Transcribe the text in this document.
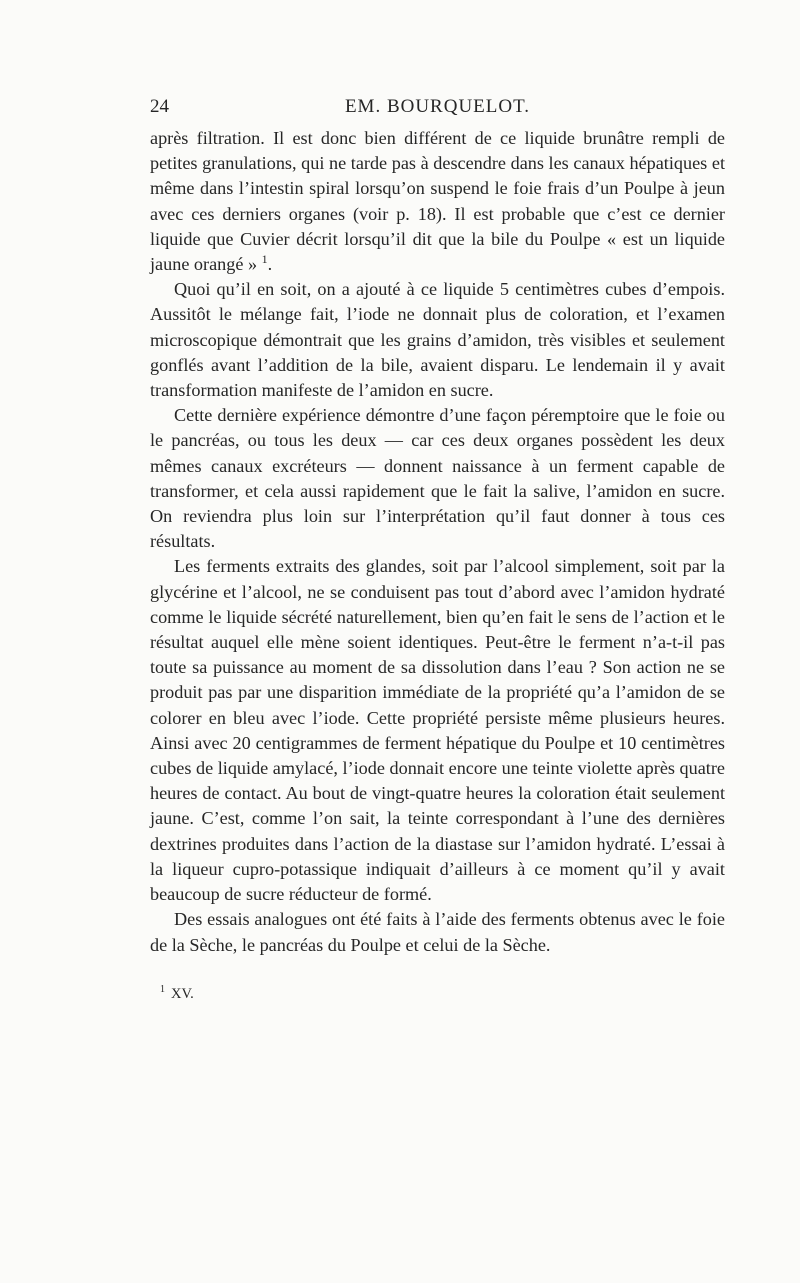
24	EM. BOURQUELOT.

après filtration. Il est donc bien différent de ce liquide brunâtre rempli de petites granulations, qui ne tarde pas à descendre dans les canaux hépatiques et même dans l’intestin spiral lorsqu’on suspend le foie frais d’un Poulpe à jeun avec ces derniers organes (voir p. 18). Il est probable que c’est ce dernier liquide que Cuvier décrit lorsqu’il dit que la bile du Poulpe « est un liquide jaune orangé » $^1$.

Quoi qu’il en soit, on a ajouté à ce liquide 5 centimètres cubes d’empois. Aussitôt le mélange fait, l’iode ne donnait plus de coloration, et l’examen microscopique démontrait que les grains d’amidon, très visibles et seulement gonflés avant l’addition de la bile, avaient disparu. Le lendemain il y avait transformation manifeste de l’amidon en sucre.

Cette dernière expérience démontre d’une façon péremptoire que le foie ou le pancréas, ou tous les deux — car ces deux organes possèdent les deux mêmes canaux excréteurs — donnent naissance à un ferment capable de transformer, et cela aussi rapidement que le fait la salive, l’amidon en sucre. On reviendra plus loin sur l’interprétation qu’il faut donner à tous ces résultats.

Les ferments extraits des glandes, soit par l’alcool simplement, soit par la glycérine et l’alcool, ne se conduisent pas tout d’abord avec l’amidon hydraté comme le liquide sécrété naturellement, bien qu’en fait le sens de l’action et le résultat auquel elle mène soient identiques. Peut-être le ferment n’a-t-il pas toute sa puissance au moment de sa dissolution dans l’eau ? Son action ne se produit pas par une disparition immédiate de la propriété qu’a l’amidon de se colorer en bleu avec l’iode. Cette propriété persiste même plusieurs heures. Ainsi avec 20 centigrammes de ferment hépatique du Poulpe et 10 centimètres cubes de liquide amylacé, l’iode donnait encore une teinte violette après quatre heures de contact. Au bout de vingt-quatre heures la coloration était seulement jaune. C’est, comme l’on sait, la teinte correspondant à l’une des dernières dextrines produites dans l’action de la diastase sur l’amidon hydraté. L’essai à la liqueur cupro-potassique indiquait d’ailleurs à ce moment qu’il y avait beaucoup de sucre réducteur de formé.

Des essais analogues ont été faits à l’aide des ferments obtenus avec le foie de la Sèche, le pancréas du Poulpe et celui de la Sèche.

$^1$ XV.
